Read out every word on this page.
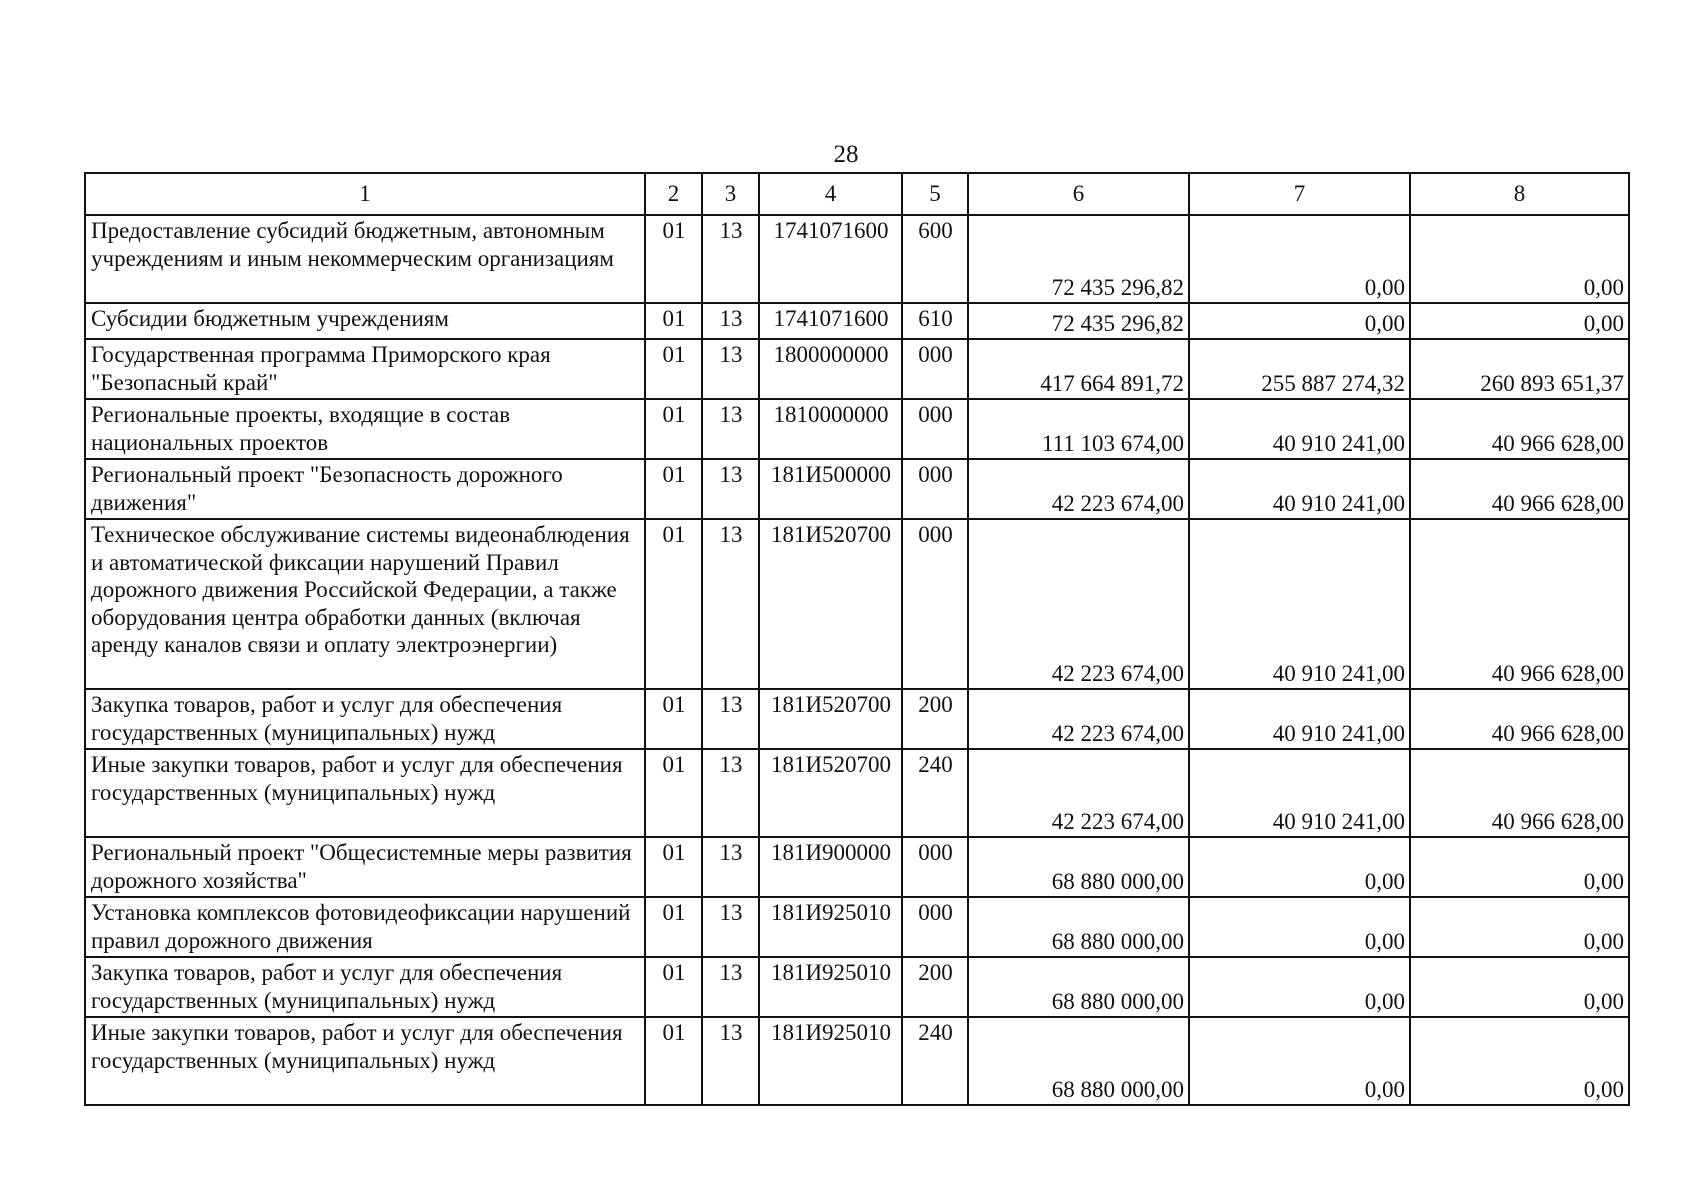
28
1	2	3	4	5	6	7	8
Предоставление субсидий бюджетным, автономным учреждениям и иным некоммерческим организациям	01	13	1741071600	600	72 435 296,82	0,00	0,00
Субсидии бюджетным учреждениям	01	13	1741071600	610	72 435 296,82	0,00	0,00
Государственная программа Приморского края "Безопасный край"	01	13	1800000000	000	417 664 891,72	255 887 274,32	260 893 651,37
Региональные проекты, входящие в состав национальных проектов	01	13	1810000000	000	111 103 674,00	40 910 241,00	40 966 628,00
Региональный проект "Безопасность дорожного движения"	01	13	181И500000	000	42 223 674,00	40 910 241,00	40 966 628,00
Техническое обслуживание системы видеонаблюдения и автоматической фиксации нарушений Правил дорожного движения Российской Федерации, а также оборудования центра обработки данных (включая аренду каналов связи и оплату электроэнергии)	01	13	181И520700	000	42 223 674,00	40 910 241,00	40 966 628,00
Закупка товаров, работ и услуг для обеспечения государственных (муниципальных) нужд	01	13	181И520700	200	42 223 674,00	40 910 241,00	40 966 628,00
Иные закупки товаров, работ и услуг для обеспечения государственных (муниципальных) нужд	01	13	181И520700	240	42 223 674,00	40 910 241,00	40 966 628,00
Региональный проект "Общесистемные меры развития дорожного хозяйства"	01	13	181И900000	000	68 880 000,00	0,00	0,00
Установка комплексов фотовидеофиксации нарушений правил дорожного движения	01	13	181И925010	000	68 880 000,00	0,00	0,00
Закупка товаров, работ и услуг для обеспечения государственных (муниципальных) нужд	01	13	181И925010	200	68 880 000,00	0,00	0,00
Иные закупки товаров, работ и услуг для обеспечения государственных (муниципальных) нужд	01	13	181И925010	240	68 880 000,00	0,00	0,00
